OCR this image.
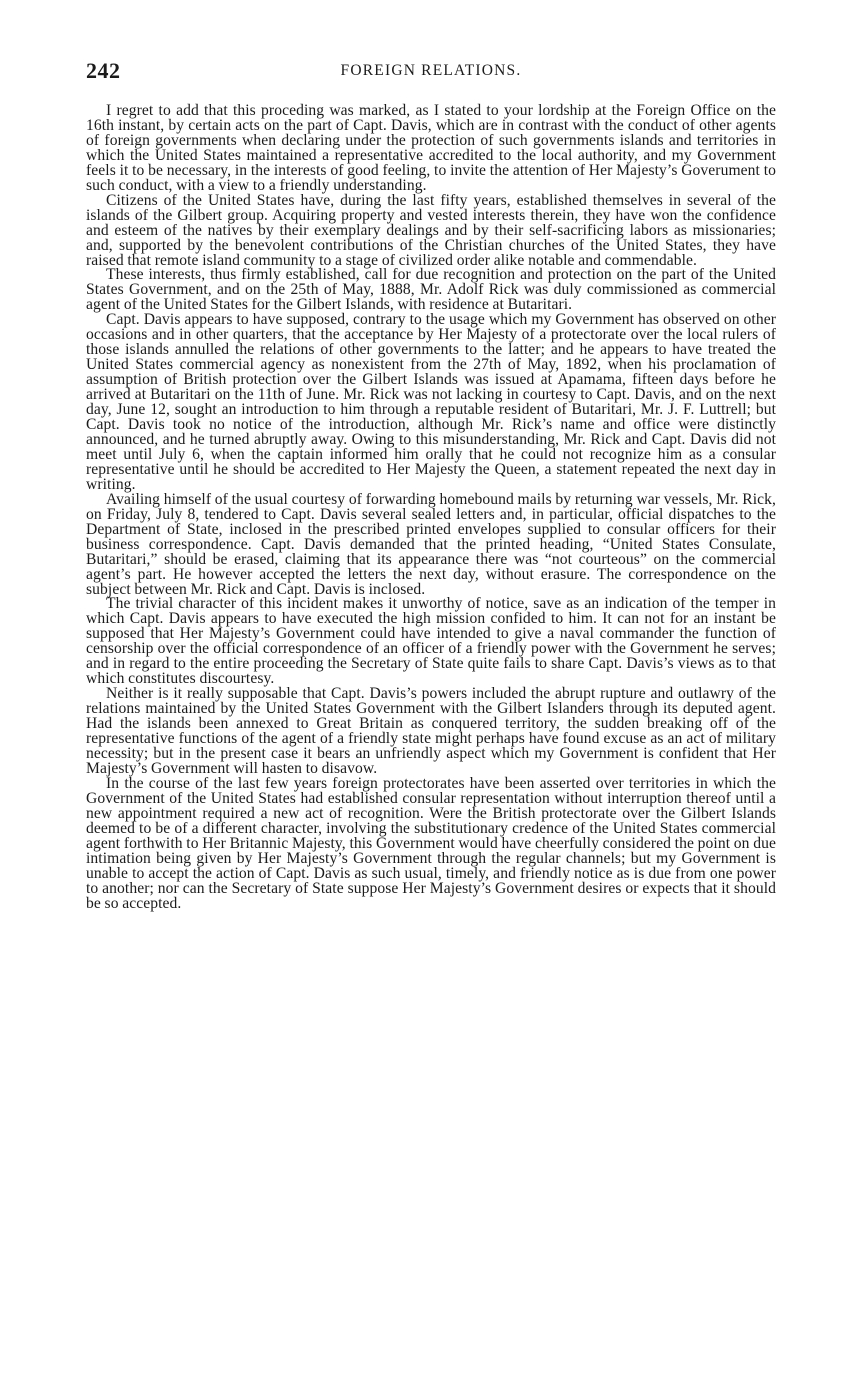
242	FOREIGN RELATIONS.

I regret to add that this proceding was marked, as I stated to your lordship at the Foreign Office on the 16th instant, by certain acts on the part of Capt. Davis, which are in contrast with the conduct of other agents of foreign governments when declaring under the protection of such governments islands and territories in which the United States maintained a representative accredited to the local authority, and my Government feels it to be necessary, in the interests of good feeling, to invite the attention of Her Majesty’s Goverument to such conduct, with a view to a friendly understanding.

Citizens of the United States have, during the last fifty years, established themselves in several of the islands of the Gilbert group. Acquiring property and vested interests therein, they have won the confidence and esteem of the natives by their exemplary dealings and by their self-sacrificing labors as missionaries; and, supported by the benevolent contributions of the Christian churches of the United States, they have raised that remote island community to a stage of civilized order alike notable and commendable.

These interests, thus firmly established, call for due recognition and protection on the part of the United States Government, and on the 25th of May, 1888, Mr. Adolf Rick was duly commissioned as commercial agent of the United States for the Gilbert Islands, with residence at Butaritari.

Capt. Davis appears to have supposed, contrary to the usage which my Government has observed on other occasions and in other quarters, that the acceptance by Her Majesty of a protectorate over the local rulers of those islands annulled the relations of other governments to the latter; and he appears to have treated the United States commercial agency as nonexistent from the 27th of May, 1892, when his proclamation of assumption of British protection over the Gilbert Islands was issued at Apamama, fifteen days before he arrived at Butaritari on the 11th of June. Mr. Rick was not lacking in courtesy to Capt. Davis, and on the next day, June 12, sought an introduction to him through a reputable resident of Butaritari, Mr. J. F. Luttrell; but Capt. Davis took no notice of the introduction, although Mr. Rick’s name and office were distinctly announced, and he turned abruptly away. Owing to this misunderstanding, Mr. Rick and Capt. Davis did not meet until July 6, when the captain informed him orally that he could not recognize him as a consular representative until he should be accredited to Her Majesty the Queen, a statement repeated the next day in writing.

Availing himself of the usual courtesy of forwarding homebound mails by returning war vessels, Mr. Rick, on Friday, July 8, tendered to Capt. Davis several sealed letters and, in particular, official dispatches to the Department of State, inclosed in the prescribed printed envelopes supplied to consular officers for their business correspondence. Capt. Davis demanded that the printed heading, “United States Consulate, Butaritari,” should be erased, claiming that its appearance there was “not courteous” on the commercial agent’s part. He however accepted the letters the next day, without erasure. The correspondence on the subject between Mr. Rick and Capt. Davis is inclosed.

The trivial character of this incident makes it unworthy of notice, save as an indication of the temper in which Capt. Davis appears to have executed the high mission confided to him. It can not for an instant be supposed that Her Majesty’s Government could have intended to give a naval commander the function of censorship over the official correspondence of an officer of a friendly power with the Government he serves; and in regard to the entire proceeding the Secretary of State quite fails to share Capt. Davis’s views as to that which constitutes discourtesy.

Neither is it really supposable that Capt. Davis’s powers included the abrupt rupture and outlawry of the relations maintained by the United States Government with the Gilbert Islanders through its deputed agent. Had the islands been annexed to Great Britain as conquered territory, the sudden breaking off of the representative functions of the agent of a friendly state might perhaps have found excuse as an act of military necessity; but in the present case it bears an unfriendly aspect which my Government is confident that Her Majesty’s Government will hasten to disavow.

In the course of the last few years foreign protectorates have been asserted over territories in which the Government of the United States had established consular representation without interruption thereof until a new appointment required a new act of recognition. Were the British protectorate over the Gilbert Islands deemed to be of a different character, involving the substitutionary credence of the United States commercial agent forthwith to Her Britannic Majesty, this Government would have cheerfully considered the point on due intimation being given by Her Majesty’s Government through the regular channels; but my Government is unable to accept the action of Capt. Davis as such usual, timely, and friendly notice as is due from one power to another; nor can the Secretary of State suppose Her Majesty’s Government desires or expects that it should be so accepted.
